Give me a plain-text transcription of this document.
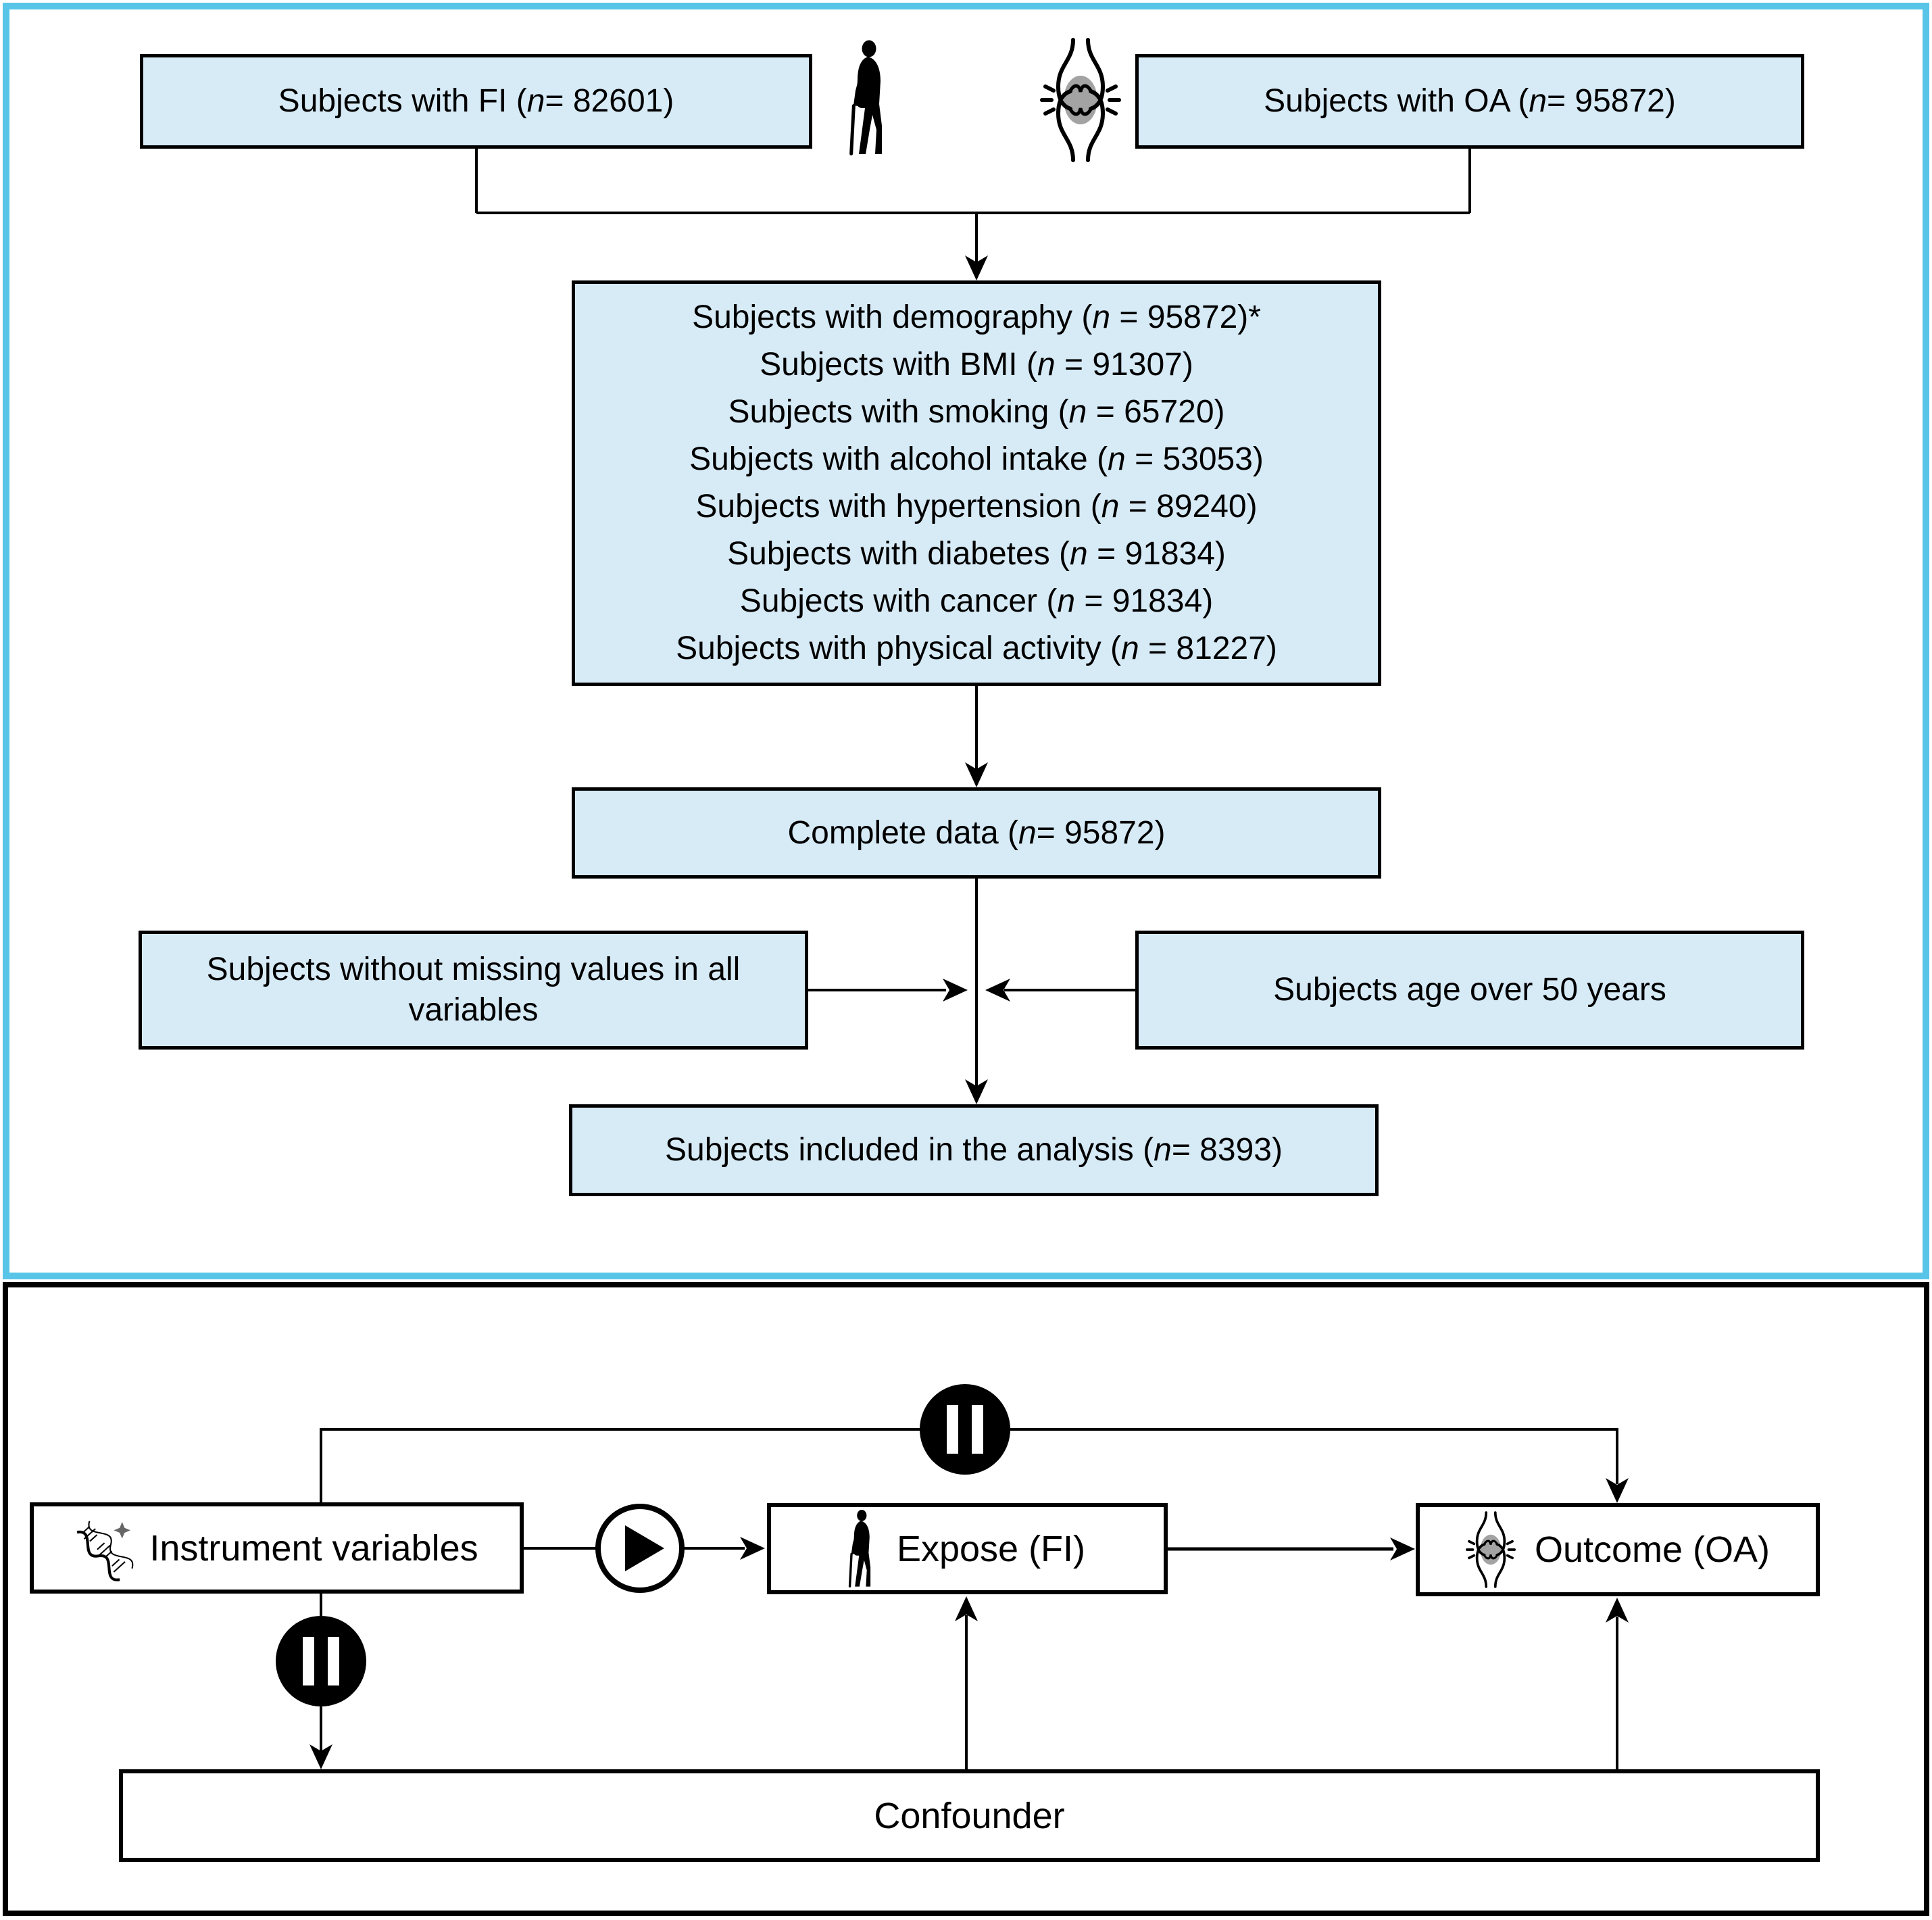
Subjects with FI ( n = 82601)	Subjects with OA ( n = 95872)
Subjects with demography (n = 95872)*
Subjects with BMI (n = 91307)
Subjects with smoking (n = 65720)
Subjects with alcohol intake (n = 53053)
Subjects with hypertension (n = 89240)
Subjects with diabetes (n = 91834)
Subjects with cancer (n = 91834)
Subjects with physical activity (n = 81227)
Complete data ( n = 95872)
Subjects without missing values in all variables
Subjects age over 50 years
Subjects included in the analysis ( n = 8393)
Instrument variables	Expose (FI)	Outcome (OA)
Confounder
